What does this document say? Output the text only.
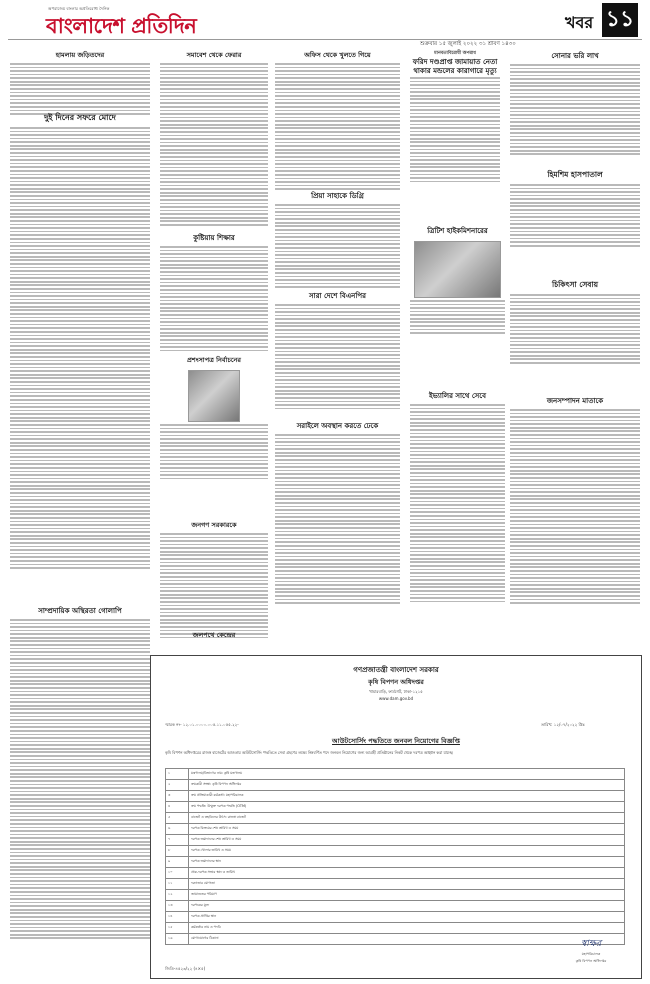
অপরাজেয় বাংলার অপ্রতিরোধ্য দৈনিক
বাংলাদেশ প্রতিদিন	খবর ১১
শুক্রবার ১৫ জুলাই ২০২২ ৩১ শ্রাবণ ১৪৩০
হামলায় জড়িতদের
দুই দিনের সফরে মোদে
সাম্প্রদায়িক অস্থিরতা গোলাপি
সমাবেশ থেকে ফেরার
কুষ্টিয়ায় শিক্ষার
প্রশংসাপত্র নির্বাচনের
জনগণ সরকারকে
অফিস থেকে খুলতে গিয়ে
প্রিয়া সাহাকে ডিগ্রি
সারা দেশে বিএনপির
সরাইলে অবস্থান করতে ঢেকে
মানবতাবিরোধী অপরাধ
ফরিদ দণ্ডপ্রাপ্ত জামায়াত নেতা থাকার মন্ডলের কারাগারে মৃত্যু
সোনার ভরি লাখ
হিমশিম হাসপাতাল
ত্রিটিশ হাইকমিশনারের
চিকিৎসা সেবায়
ইভ্যালির সাথে সেবে
জনসম্পাদন মাতাকে
জলপথে কেন্দ্রের
গণপ্রজাতন্ত্রী বাংলাদেশ সরকার
কৃষি বিপণন অধিদপ্তর
খামারবাড়ি, ফার্মগেট, ঢাকা-১২১৫
www.dam.gov.bd
স্মারক নং- ১২.০১.০০০০.০০৫.১১.০৫৫.২২-	তারিখ: ১২/০৭/২০২২ খ্রিঃ
আউটসোর্সিং পদ্ধতিতে জনবল নিয়োগের বিজ্ঞপ্তি
কৃষি বিপণন অধিদপ্তরের রাজস্ব বাজেটের আওতায় আউটসোর্সিং পদ্ধতিতে সেবা গ্রহণের লক্ষ্যে নিম্নবর্ণিত পদে জনবল নিয়োগের জন্য আগ্রহী প্রতিষ্ঠানের নিকট থেকে দরপত্র আহ্বান করা যাচ্ছে।
১	মন্ত্রণালয়/বিভাগের নাম: কৃষি মন্ত্রণালয়
২	ক্রয়কারী সংস্থা: কৃষি বিপণন অধিদপ্তর
৩	ক্রয় প্রক্রিয়াকারী কর্মকর্তা: মহাপরিচালক
৪	ক্রয় পদ্ধতি: উন্মুক্ত দরপত্র পদ্ধতি (OTM)
৫	বাজেট ও তহবিলের উৎস: রাজস্ব বাজেট
৬	দরপত্র বিক্রয়ের শেষ তারিখ ও সময়
৭	দরপত্র জমাদানের শেষ তারিখ ও সময়
৮	দরপত্র খোলার তারিখ ও সময়
৯	দরপত্র জমাদানের স্থান
১০	প্রাক-দরপত্র সভার স্থান ও তারিখ
১১	দরদাতার যোগ্যতা
১২	জামানতের পরিমাণ
১৩	দরপত্রের মূল্য
১৪	দরপত্র প্রাপ্তির স্থান
১৫	কর্মকর্তার নাম ও পদবি
১৬	যোগাযোগের ঠিকানা
স্বাক্ষর
মহাপরিচালক
কৃষি বিপণন অধিদপ্তর
জিডি-৪৫২৩/২২ (৪×৫)
